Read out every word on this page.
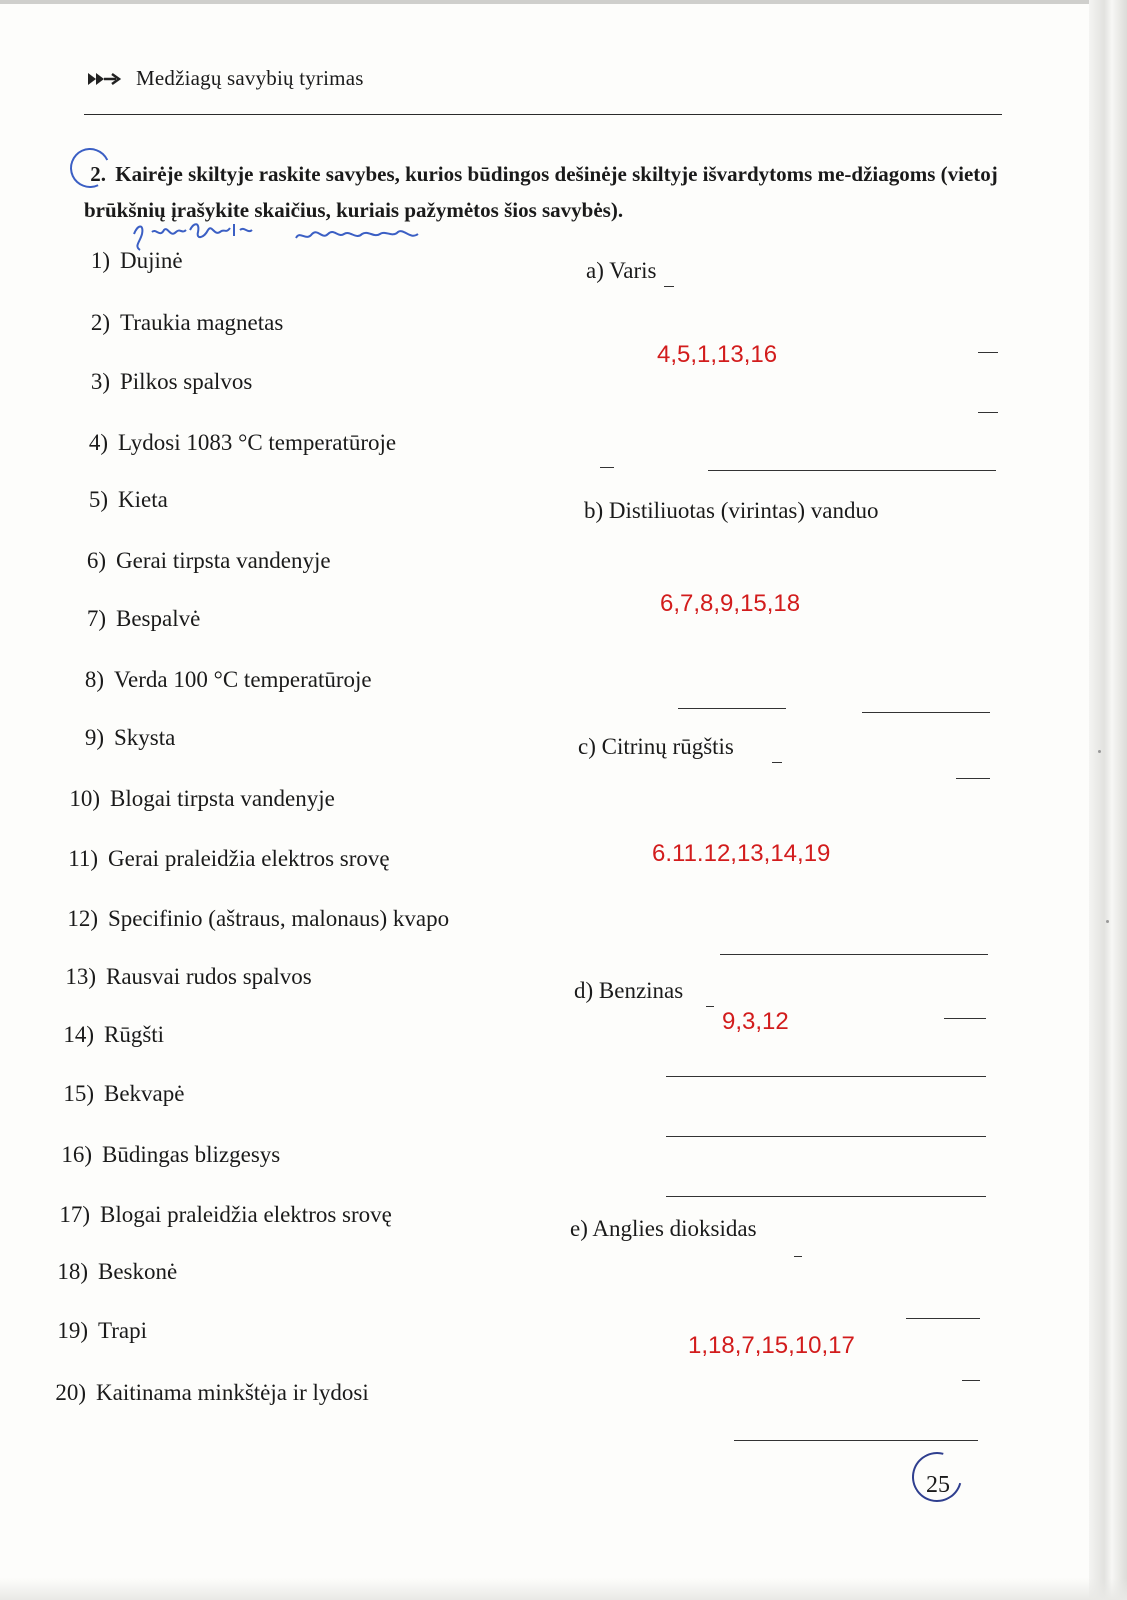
Medžiagų savybių tyrimas
2. Kairėje skiltyje raskite savybes, kurios būdingos dešinėje skiltyje išvardytoms me-džiagoms (vietoj brūkšnių įrašykite skaičius, kuriais pažymėtos šios savybės).
1) Dujinė
2) Traukia magnetas
3) Pilkos spalvos
4) Lydosi 1083 °C temperatūroje
5) Kieta
6) Gerai tirpsta vandenyje
7) Bespalvė
8) Verda 100 °C temperatūroje
9) Skysta
10) Blogai tirpsta vandenyje
11) Gerai praleidžia elektros srovę
12) Specifinio (aštraus, malonaus) kvapo
13) Rausvai rudos spalvos
14) Rūgšti
15) Bekvapė
16) Būdingas blizgesys
17) Blogai praleidžia elektros srovę
18) Beskonė
19) Trapi
20) Kaitinama minkštėja ir lydosi
a) Varis
4,5,1,13,16
b) Distiliuotas (virintas) vanduo
6,7,8,9,15,18
c) Citrinų rūgštis
6.11.12,13,14,19
d) Benzinas
9,3,12
e) Anglies dioksidas
1,18,7,15,10,17
25
